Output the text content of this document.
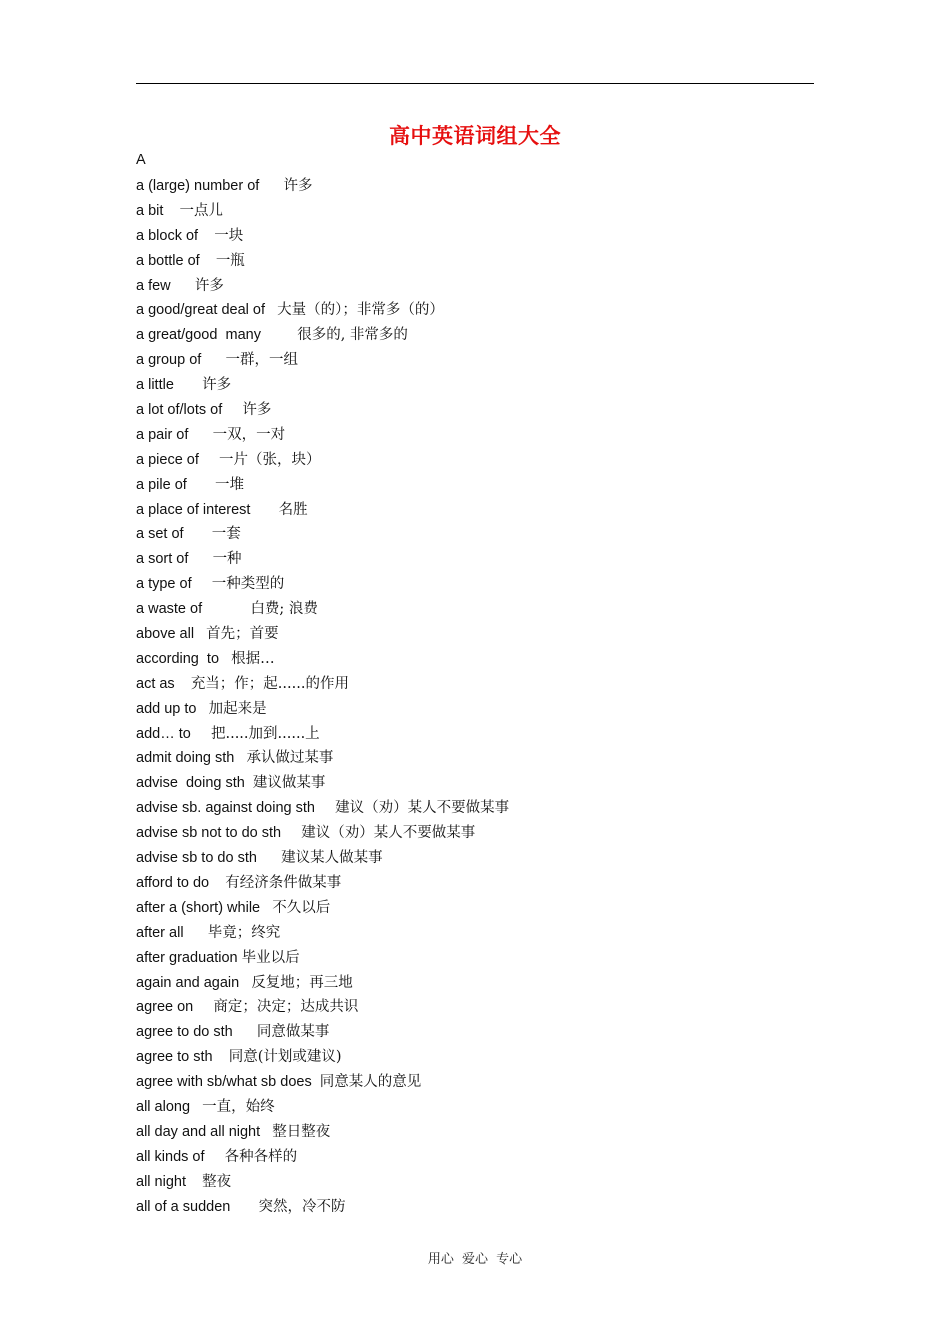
高中英语词组大全
A
a (large) number of 许多
a bit 一点儿
a block of 一块
a bottle of 一瓶
a few 许多
a good/great deal of 大量（的）；非常多（的）
a great/good  many	很多的, 非常多的
a group of 一群，一组
a little 许多
a lot of/lots of 许多
a pair of 一双，一对
a piece of 一片（张，块）
a pile of 一堆
a place of interest 名胜
a set of 一套
a sort of 一种
a type of 一种类型的
a waste of	白费; 浪费
above all 首先；首要
according  to 根据…
act as 充当；作；起......的作用
add up to 加起来是
add… to 把.....加到......上
admit doing sth 承认做过某事
advise  doing sth 建议做某事
advise sb. against doing sth 建议（劝）某人不要做某事
advise sb not to do sth 建议（劝）某人不要做某事
advise sb to do sth 建议某人做某事
afford to do 有经济条件做某事
after a (short) while 不久以后
after all 毕竟；终究
after graduation 毕业以后
again and again 反复地；再三地
agree on 商定；决定；达成共识
agree to do sth 同意做某事
agree to sth 同意(计划或建议)
agree with sb/what sb does 同意某人的意见
all along 一直，始终
all day and all night 整日整夜
all kinds of 各种各样的
all night 整夜
all of a sudden 突然，冷不防
用心 爱心 专心
